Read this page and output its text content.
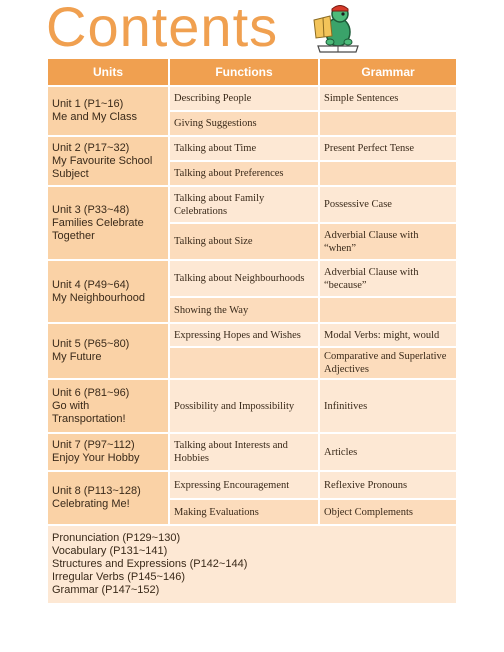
Contents
Units	Functions	Grammar

Unit 1 (P1~16)
Me and My Class	Describing People	Simple Sentences
	Giving Suggestions	

Unit 2 (P17~32)
My Favourite School Subject	Talking about Time	Present Perfect Tense
	Talking about Preferences	

Unit 3 (P33~48)
Families Celebrate Together	Talking about Family Celebrations	Possessive Case
	Talking about Size	Adverbial Clause with “when”

Unit 4 (P49~64)
My Neighbourhood	Talking about Neighbourhoods	Adverbial Clause with “because”
	Showing the Way	

Unit 5 (P65~80)
My Future	Expressing Hopes and Wishes	Modal Verbs: might, would
		Comparative and Superlative Adjectives

Unit 6 (P81~96)
Go with Transportation!	Possibility and Impossibility	Infinitives

Unit 7 (P97~112)
Enjoy Your Hobby	Talking about Interests and Hobbies	Articles

Unit 8 (P113~128)
Celebrating Me!	Expressing Encouragement	Reflexive Pronouns
	Making Evaluations	Object Complements

Pronunciation (P129~130)
Vocabulary (P131~141)
Structures and Expressions (P142~144)
Irregular Verbs (P145~146)
Grammar (P147~152)		
